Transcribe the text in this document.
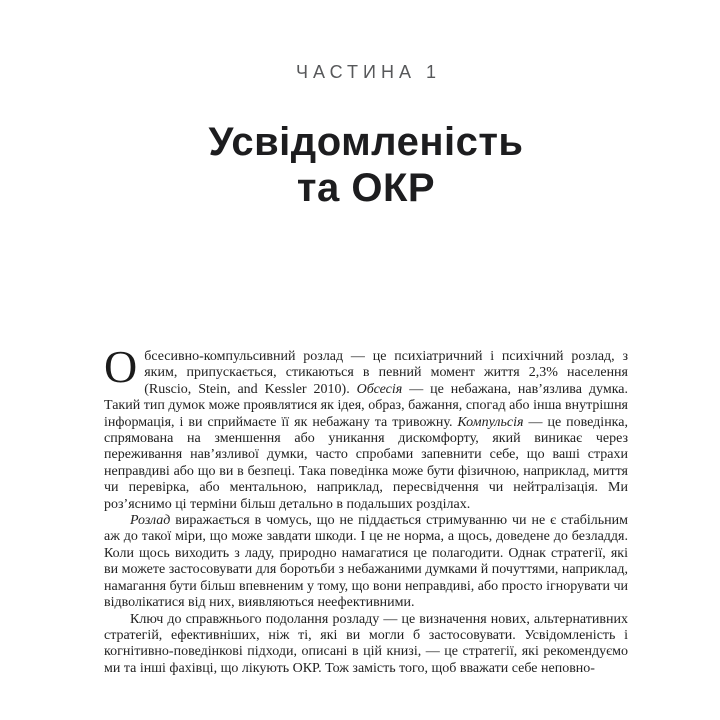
ЧАСТИНА 1
Усвідомленість
та ОКР

Обсесивно-компульсивний розлад — це психіатричний і психічний розлад, з яким, припускається, стикаються в певний момент життя 2,3% населення (Ruscio, Stein, and Kessler 2010). Обсесія — це небажана, нав’язлива думка. Такий тип думок може проявлятися як ідея, образ, бажання, спогад або інша внутрішня інформація, і ви сприймаєте її як небажану та тривожну. Компульсія — це поведінка, спрямована на зменшення або уникання дискомфорту, який виникає через переживання нав’язливої думки, часто спробами запевнити себе, що ваші страхи неправдиві або що ви в безпеці. Така поведінка може бути фізичною, наприклад, миття чи перевірка, або ментальною, наприклад, пересвідчення чи нейтралізація. Ми роз’яснимо ці терміни більш детально в подальших розділах.

Розлад виражається в чомусь, що не піддається стримуванню чи не є стабільним аж до такої міри, що може завдати шкоди. І це не норма, а щось, доведене до безладдя. Коли щось виходить з ладу, природно намагатися це полагодити. Однак стратегії, які ви можете застосовувати для боротьби з небажаними думками й почуттями, наприклад, намагання бути більш впевненим у тому, що вони неправдиві, або просто ігнорувати чи відволікатися від них, виявляються неефективними.

Ключ до справжнього подолання розладу — це визначення нових, альтернативних стратегій, ефективніших, ніж ті, які ви могли б застосовувати. Усвідомленість і когнітивно-поведінкові підходи, описані в цій книзі, — це стратегії, які рекомендуємо ми та інші фахівці, що лікують ОКР. Тож замість того, щоб вважати себе неповно-
